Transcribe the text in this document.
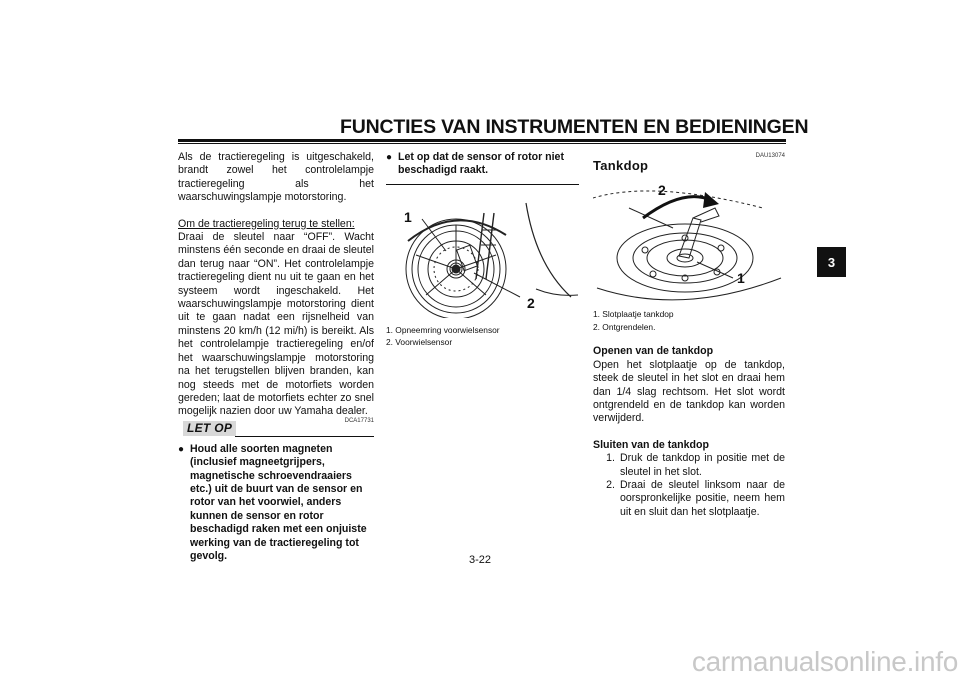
FUNCTIES VAN INSTRUMENTEN EN BEDIENINGEN
3

Als de tractieregeling is uitgeschakeld, brandt zowel het controlelampje tractieregeling als het waarschuwingslampje motorstoring.

Om de tractieregeling terug te stellen:

Draai de sleutel naar “OFF”. Wacht minstens één seconde en draai de sleutel dan terug naar “ON”. Het controlelampje tractieregeling dient nu uit te gaan en het systeem wordt ingeschakeld. Het waarschuwingslampje motorstoring dient uit te gaan nadat een rijsnelheid van minstens 20 km/h (12 mi/h) is bereikt. Als het controlelampje tractieregeling en/of het waarschuwingslampje motorstoring na het terugstellen blijven branden, kan nog steeds met de motorfiets worden gereden; laat de motorfiets echter zo snel mogelijk nazien door uw Yamaha dealer.

LET OP	DCA17731
● Houd alle soorten magneten (inclusief magneetgrijpers, magnetische schroevendraaiers etc.) uit de buurt van de sensor en rotor van het voorwiel, anders kunnen de sensor en rotor beschadigd raken met een onjuiste werking van de tractieregeling tot gevolg.
● Let op dat de sensor of rotor niet beschadigd raakt.
1
2
1. Opneemring voorwielsensor
2. Voorwielsensor
Tankdop
DAU13074
2
1
1. Slotplaatje tankdop
2. Ontgrendelen.

Openen van de tankdop

Open het slotplaatje op de tankdop, steek de sleutel in het slot en draai hem dan 1/4 slag rechtsom. Het slot wordt ontgrendeld en de tankdop kan worden verwijderd.

Sluiten van de tankdop

1. Druk de tankdop in positie met de sleutel in het slot.
2. Draai de sleutel linksom naar de oorspronkelijke positie, neem hem uit en sluit dan het slotplaatje.
3-22
carmanualsonline.info
